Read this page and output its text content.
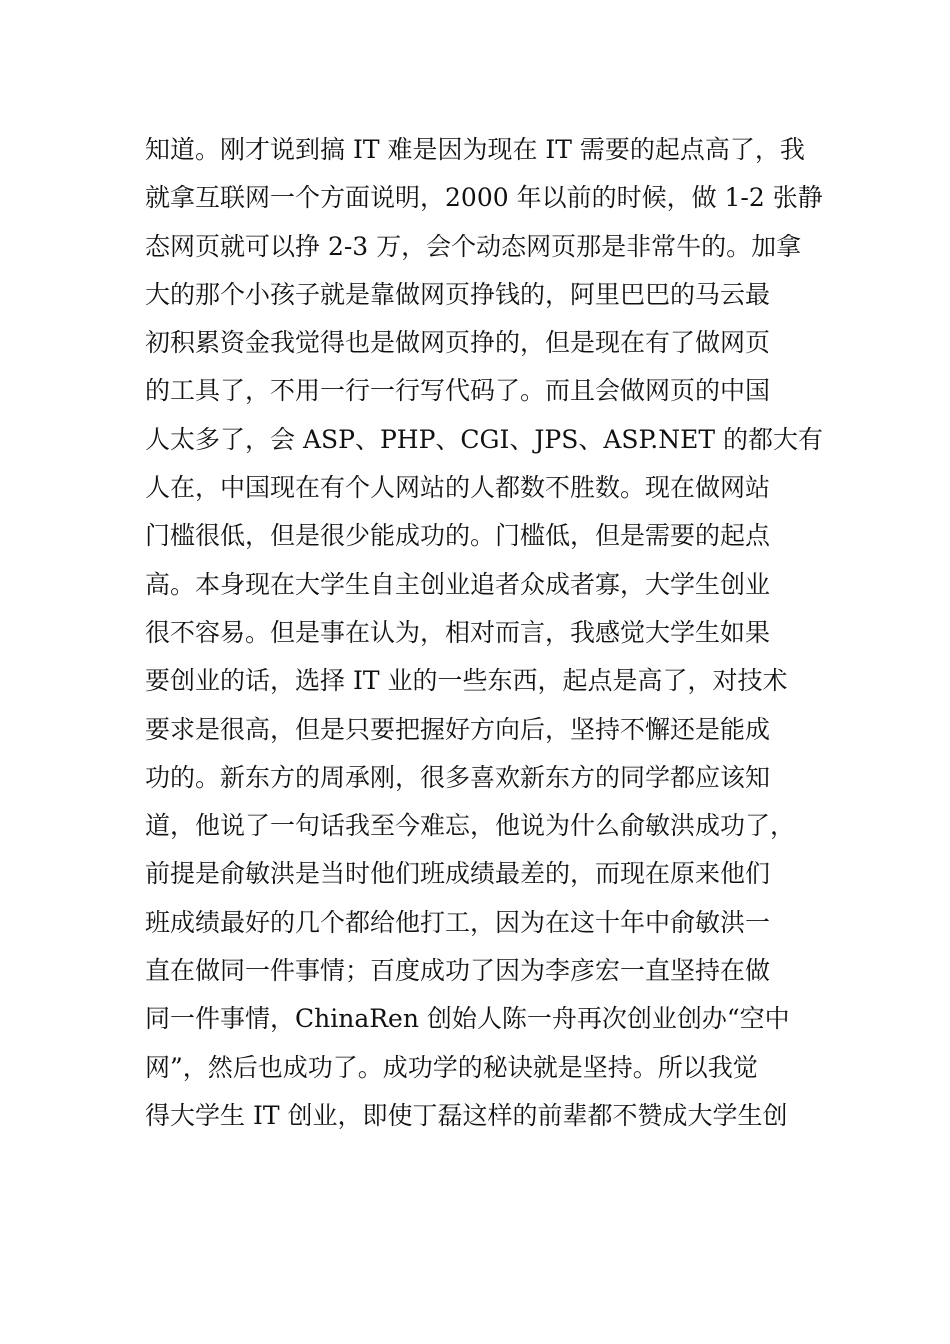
知道。刚才说到搞 IT 难是因为现在 IT 需要的起点高了，我
就拿互联网一个方面说明，2000 年以前的时候，做 1-2 张静
态网页就可以挣 2-3 万，会个动态网页那是非常牛的。加拿
大的那个小孩子就是靠做网页挣钱的，阿里巴巴的马云最
初积累资金我觉得也是做网页挣的，但是现在有了做网页
的工具了，不用一行一行写代码了。而且会做网页的中国
人太多了，会 ASP、PHP、CGI、JPS、ASP.NET 的都大有
人在，中国现在有个人网站的人都数不胜数。现在做网站
门槛很低，但是很少能成功的。门槛低，但是需要的起点
高。本身现在大学生自主创业追者众成者寡，大学生创业
很不容易。但是事在认为，相对而言，我感觉大学生如果
要创业的话，选择 IT 业的一些东西，起点是高了，对技术
要求是很高，但是只要把握好方向后，坚持不懈还是能成
功的。新东方的周承刚，很多喜欢新东方的同学都应该知
道，他说了一句话我至今难忘，他说为什么俞敏洪成功了，
前提是俞敏洪是当时他们班成绩最差的，而现在原来他们
班成绩最好的几个都给他打工，因为在这十年中俞敏洪一
直在做同一件事情；百度成功了因为李彦宏一直坚持在做
同一件事情，ChinaRen 创始人陈一舟再次创业创办“空中
网”，然后也成功了。成功学的秘诀就是坚持。所以我觉
得大学生 IT 创业，即使丁磊这样的前辈都不赞成大学生创
